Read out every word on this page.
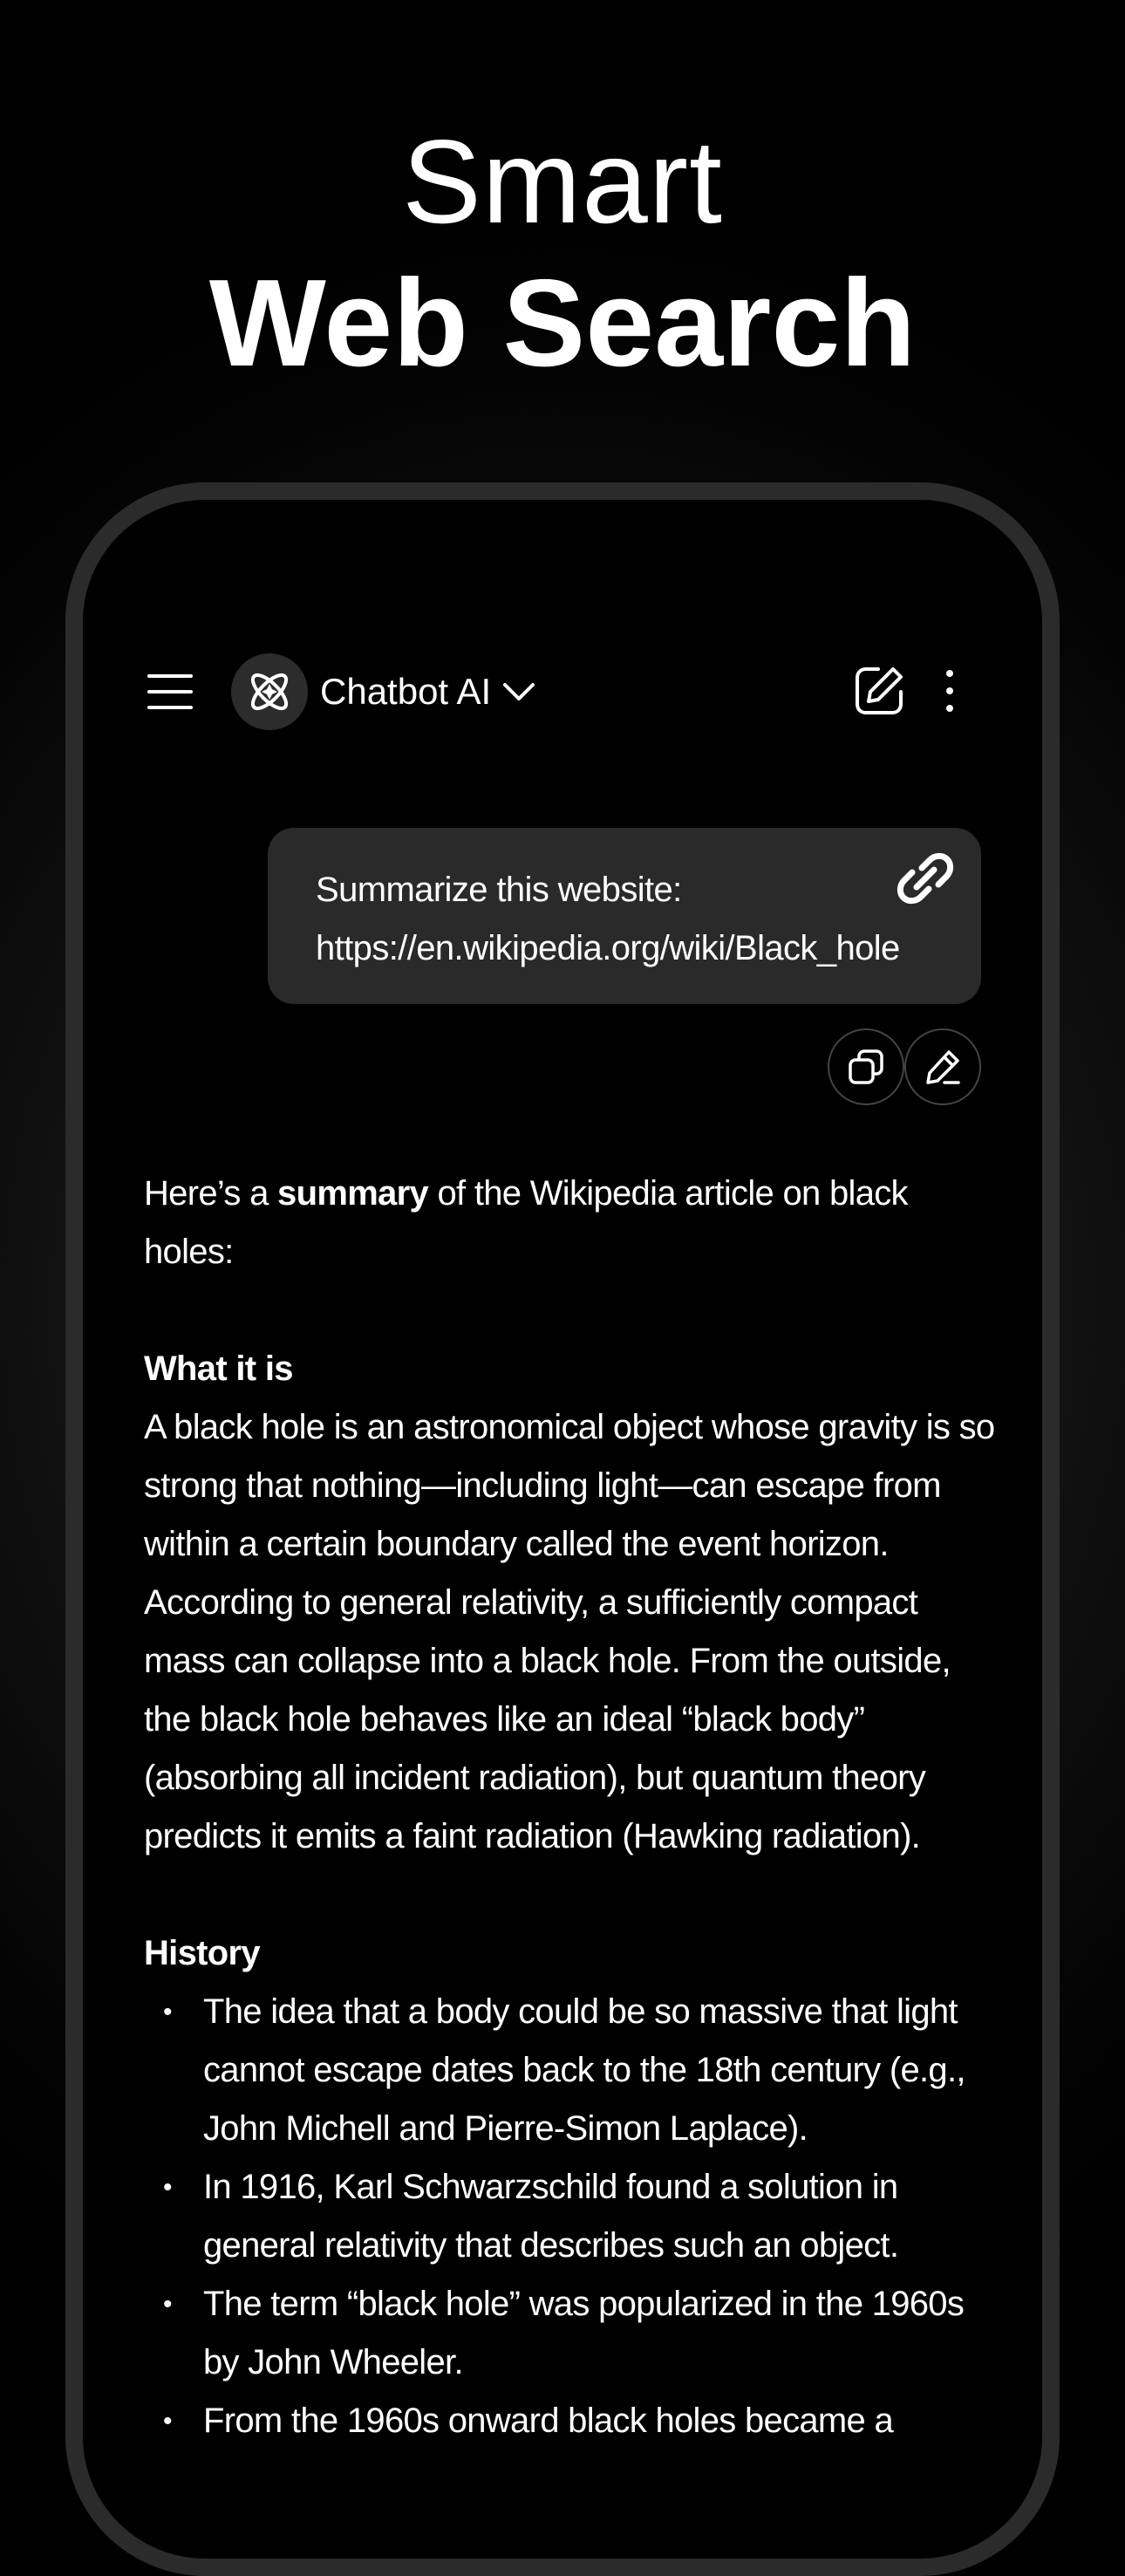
Smart
Web Search
Chatbot AI
Summarize this website:
https://en.wikipedia.org/wiki/Black_hole

Here’s a summary of the Wikipedia article on black holes:

What it is

A black hole is an astronomical object whose gravity is so strong that nothing—including light—can escape from within a certain boundary called the event horizon. According to general relativity, a sufficiently compact mass can collapse into a black hole. From the outside, the black hole behaves like an ideal “black body” (absorbing all incident radiation), but quantum theory predicts it emits a faint radiation (Hawking radiation).

History
• The idea that a body could be so massive that light cannot escape dates back to the 18th century (e.g., John Michell and Pierre-Simon Laplace).
• In 1916, Karl Schwarzschild found a solution in general relativity that describes such an object.
• The term “black hole” was popularized in the 1960s by John Wheeler.
• From the 1960s onward black holes became a
